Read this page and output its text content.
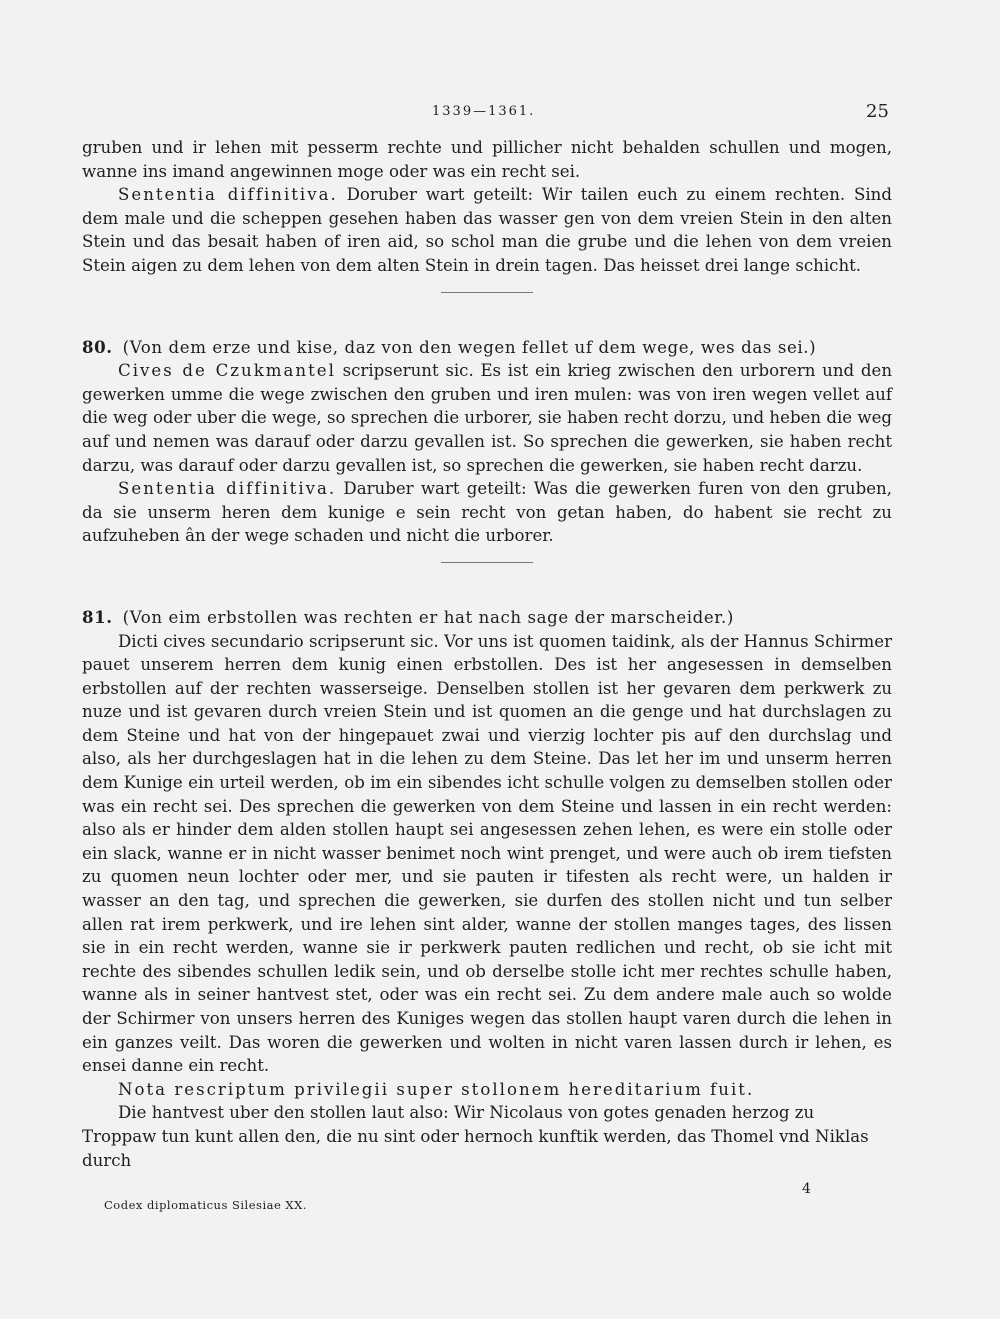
1339—1361.	25

gruben und ir lehen mit pesserm rechte und pillicher nicht behalden schullen und mogen, wanne ins imand angewinnen moge oder was ein recht sei.

Sententia diffinitiva. Doruber wart geteilt: Wir tailen euch zu einem rechten. Sind dem male und die scheppen gesehen haben das wasser gen von dem vreien Stein in den alten Stein und das besait haben of iren aid, so schol man die grube und die lehen von dem vreien Stein aigen zu dem lehen von dem alten Stein in drein tagen. Das heisset drei lange schicht.

80. (Von dem erze und kise, daz von den wegen fellet uf dem wege, wes das sei.)

Cives de Czukmantel scripserunt sic. Es ist ein krieg zwischen den urborern und den gewerken umme die wege zwischen den gruben und iren mulen: was von iren wegen vellet auf die weg oder uber die wege, so sprechen die urborer, sie haben recht dorzu, und heben die weg auf und nemen was darauf oder darzu gevallen ist. So sprechen die gewerken, sie haben recht darzu, was darauf oder darzu gevallen ist, so sprechen die gewerken, sie haben recht darzu.

Sententia diffinitiva. Daruber wart geteilt: Was die gewerken furen von den gruben, da sie unserm heren dem kunige e sein recht von getan haben, do habent sie recht zu aufzuheben ân der wege schaden und nicht die urborer.

81. (Von eim erbstollen was rechten er hat nach sage der marscheider.)

Dicti cives secundario scripserunt sic. Vor uns ist quomen taidink, als der Hannus Schirmer pauet unserem herren dem kunig einen erbstollen. Des ist her angesessen in demselben erbstollen auf der rechten wasserseige. Denselben stollen ist her gevaren dem perkwerk zu nuze und ist gevaren durch vreien Stein und ist quomen an die genge und hat durchslagen zu dem Steine und hat von der hingepauet zwai und vierzig lochter pis auf den durchslag und also, als her durchgeslagen hat in die lehen zu dem Steine. Das let her im und unserm herren dem Kunige ein urteil werden, ob im ein sibendes icht schulle volgen zu demselben stollen oder was ein recht sei. Des sprechen die gewerken von dem Steine und lassen in ein recht werden: also als er hinder dem alden stollen haupt sei angesessen zehen lehen, es were ein stolle oder ein slack, wanne er in nicht wasser benimet noch wint prenget, und were auch ob irem tiefsten zu quomen neun lochter oder mer, und sie pauten ir tifesten als recht were, un halden ir wasser an den tag, und sprechen die gewerken, sie durfen des stollen nicht und tun selber allen rat irem perkwerk, und ire lehen sint alder, wanne der stollen manges tages, des lissen sie in ein recht werden, wanne sie ir perkwerk pauten redlichen und recht, ob sie icht mit rechte des sibendes schullen ledik sein, und ob derselbe stolle icht mer rechtes schulle haben, wanne als in seiner hantvest stet, oder was ein recht sei. Zu dem andere male auch so wolde der Schirmer von unsers herren des Kuniges wegen das stollen haupt varen durch die lehen in ein ganzes veilt. Das woren die gewerken und wolten in nicht varen lassen durch ir lehen, es ensei danne ein recht.

Nota rescriptum privilegii super stollonem hereditarium fuit.

Die hantvest uber den stollen laut also: Wir Nicolaus von gotes genaden herzog zu Troppaw tun kunt allen den, die nu sint oder hernoch kunftik werden, das Thomel vnd Niklas durch

Codex diplomaticus Silesiae XX.
4
